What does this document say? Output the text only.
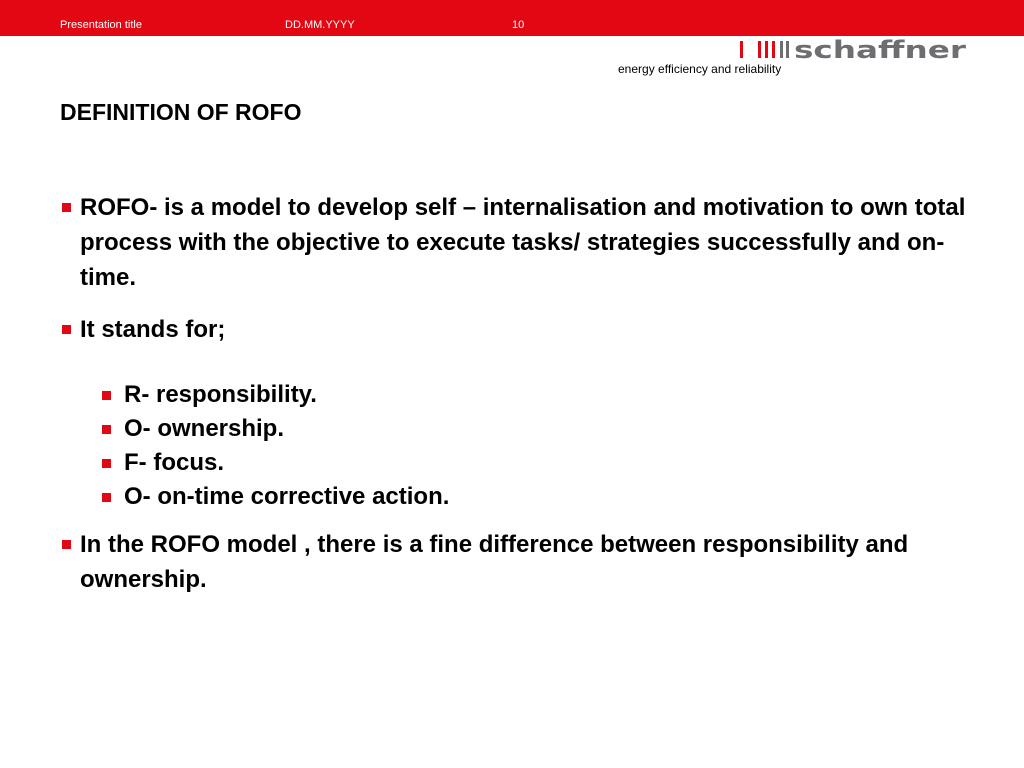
Presentation title	DD.MM.YYYY	10
schaffner
energy efficiency and reliability
DEFINITION OF ROFO

ROFO- is a model to develop self – internalisation and motivation to own total process with the objective to execute tasks/ strategies successfully and on-time.

It stands for;

R- responsibility.

O- ownership.

F- focus.

O- on-time corrective action.

In the ROFO model , there is a fine difference between responsibility and ownership.
